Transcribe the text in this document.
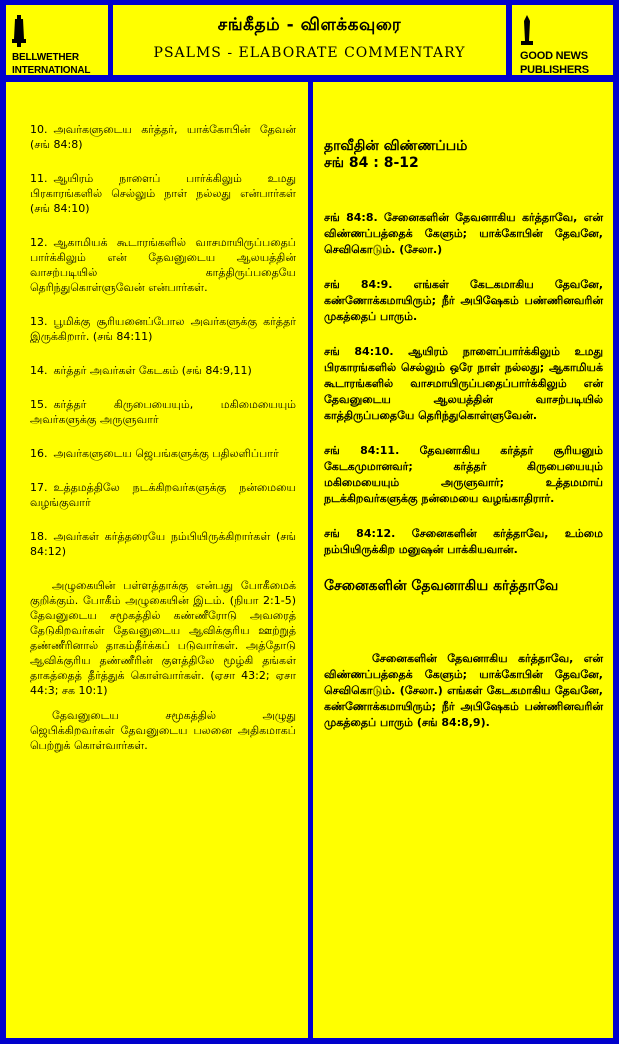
BELLWETHER
INTERNATIONAL
சங்கீதம் - விளக்கவுரை
PSALMS - ELABORATE COMMENTARY	GOOD NEWS
PUBLISHERS

10. அவர்களுடைய கர்த்தர், யாக்கோபின் தேவன் (சங் 84:8)

11. ஆயிரம் நாளைப் பார்க்கிலும் உமது பிரகாரங்களில் செல்லும் நாள் நல்லது என்பார்கள் (சங் 84:10)

12. ஆகாமியக் கூடாரங்களில் வாசமாயிருப்பதைப் பார்க்கிலும் என் தேவனுடைய ஆலயத்தின் வாசற்படியில் காத்திருப்பதையே தெரிந்துகொள்ளுவேன் என்பார்கள்.

13. பூமிக்கு சூரியனைப்போல அவர்களுக்கு கர்த்தர் இருக்கிறார். (சங் 84:11)

14. கர்த்தர் அவர்கள் கேடகம் (சங் 84:9,11)

15. கர்த்தர் கிருபையையும், மகிமையையும் அவர்களுக்கு அருளுவார்

16. அவர்களுடைய ஜெபங்களுக்கு பதிலளிப்பார்

17. உத்தமத்திலே நடக்கிறவர்களுக்கு நன்மையை வழங்குவார்

18. அவர்கள் கர்த்தரையே நம்பியிருக்கிறார்கள் (சங் 84:12)

அழுகையின் பள்ளத்தாக்கு என்பது போகீமைக் குறிக்கும். போகீம் அழுகையின் இடம். (நியா 2:1-5) தேவனுடைய சமூகத்தில் கண்ணீரோடு அவரைத் தேடுகிறவர்கள் தேவனுடைய ஆவிக்குரிய ஊற்றுத் தண்ணீரினால் தாகம்தீர்க்கப் படுவார்கள். அத்தோடு ஆவிக்குரிய தண்ணீரின் குளத்திலே மூழ்கி தங்கள் தாகத்தைத் தீர்த்துக் கொள்வார்கள். (ஏசா 43:2; ஏசா 44:3; சக 10:1)

தேவனுடைய சமூகத்தில் அழுது ஜெபிக்கிறவர்கள் தேவனுடைய பலனை அதிகமாகப் பெற்றுக் கொள்வார்கள்.

தாவீதின் விண்ணப்பம்
சங் 84 : 8-12

சங் 84:8. சேனைகளின் தேவனாகிய கர்த்தாவே, என் விண்ணப்பத்தைக் கேளும்; யாக்கோபின் தேவனே, செவிகொடும். (சேலா.)

சங் 84:9. எங்கள் கேடகமாகிய தேவனே, கண்ணோக்கமாயிரும்; நீர் அபிஷேகம் பண்ணினவரின் முகத்தைப் பாரும்.

சங் 84:10. ஆயிரம் நாளைப்பார்க்கிலும் உமது பிரகாரங்களில் செல்லும் ஒரே நாள் நல்லது; ஆகாமியக் கூடாரங்களில் வாசமாயிருப்பதைப்பார்க்கிலும் என் தேவனுடைய ஆலயத்தின் வாசற்படியில் காத்திருப்பதையே தெரிந்துகொள்ளுவேன்.

சங் 84:11. தேவனாகிய கர்த்தர் சூரியனும் கேடகமுமானவர்; கர்த்தர் கிருபையையும் மகிமையையும் அருளுவார்; உத்தமமாய் நடக்கிறவர்களுக்கு நன்மையை வழங்காதிரார்.

சங் 84:12. சேனைகளின் கர்த்தாவே, உம்மை நம்பியிருக்கிற மனுஷன் பாக்கியவான்.

சேனைகளின் தேவனாகிய கர்த்தாவே

சேனைகளின் தேவனாகிய கர்த்தாவே, என் விண்ணப்பத்தைக் கேளும்; யாக்கோபின் தேவனே, செவிகொடும். (சேலா.) எங்கள் கேடகமாகிய தேவனே, கண்ணோக்கமாயிரும்; நீர் அபிஷேகம் பண்ணினவரின் முகத்தைப் பாரும் (சங் 84:8,9).
